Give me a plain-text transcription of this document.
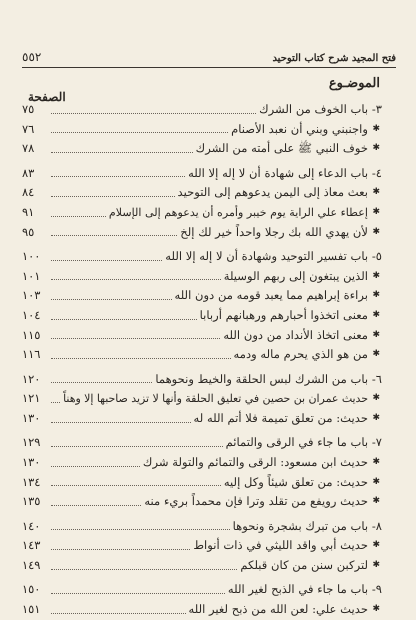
٥٥٢	فتح المجيد شرح كتاب التوحيد
الموضـوع
الصفحة
٣- باب الخوف من الشرك
٧٥
✱
واجنبني وبني أن نعبد الأصنام
٧٦
✱
خوف النبي ﷺ على أمته من الشرك
٧٨
٤- باب الدعاء إلى شهادة أن لا إله إلا الله
٨٣
✱
بعث معاذ إلى اليمن يدعوهم إلى التوحيد
٨٤
✱
إعطاء علي الراية يوم خيبر وأمره أن يدعوهم إلى الإسلام
٩١
✱
لأن يهدي الله بك رجلا واحداً خير لك إلخ
٩٥
٥- باب تفسير التوحيد وشهادة أن لا إله إلا الله
١٠٠
✱
الذين يبتغون إلى ربهم الوسيلة
١٠١
✱
براءة إبراهيم مما يعبد قومه من دون الله
١٠٣
✱
معنى اتخذوا أحبارهم ورهبانهم أربابا
١٠٤
✱
معنى اتخاذ الأنداد من دون الله
١١٥
✱
من هو الذي يحرم ماله ودمه
١١٦
٦- باب من الشرك لبس الحلقة والخيط ونحوهما
١٢٠
✱
حديث عمران بن حصين في تعليق الحلقة وأنها لا تزيد صاحبها إلا وهناً
١٢١
✱
حديث: من تعلق تميمة فلا أتم الله له
١٣٠
٧- باب ما جاء في الرقى والتمائم
١٢٩
✱
حديث ابن مسعود: الرقى والتمائم والتولة شرك
١٣٠
✱
حديث: من تعلق شيئاً وكل إليه
١٣٤
✱
حديث رويفع من تقلد وترا فإن محمداً بريء منه
١٣٥
٨- باب من تبرك بشجرة ونحوها
١٤٠
✱
حديث أبي واقد الليثي في ذات أنواط
١٤٣
✱
لتركبن سنن من كان قبلكم
١٤٩
٩- باب ما جاء في الذبح لغير الله
١٥٠
✱
حديث علي: لعن الله من ذبح لغير الله
١٥١
